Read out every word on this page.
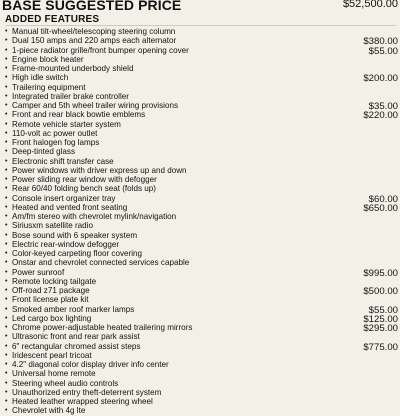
BASE SUGGESTED PRICE	$52,500.00
ADDED FEATURES
• Manual tilt-wheel/telescoping steering column
• Dual 150 amps and 220 amps each alternator	$380.00
• 1-piece radiator grille/front bumper opening cover	$55.00
• Engine block heater
• Frame-mounted underbody shield
• High idle switch	$200.00
• Trailering equipment
• Integrated trailer brake controller
• Camper and 5th wheel trailer wiring provisions	$35.00
• Front and rear black bowtie emblems	$220.00
• Remote vehicle starter system
• 110-volt ac power outlet
• Front halogen fog lamps
• Deep-tinted glass
• Electronic shift transfer case
• Power windows with driver express up and down
• Power sliding rear window with defogger
• Rear 60/40 folding bench seat (folds up)
• Console insert organizer tray	$60.00
• Heated and vented front seating	$650.00
• Am/fm stereo with chevrolet mylink/navigation
• Siriusxm satellite radio
• Bose sound with 6 speaker system
• Electric rear-window defogger
• Color-keyed carpeting floor covering
• Onstar and chevrolet connected services capable
• Power sunroof	$995.00
• Remote locking tailgate
• Off-road z71 package	$500.00
• Front license plate kit
• Smoked amber roof marker lamps	$55.00
• Led cargo box lighting	$125.00
• Chrome power-adjustable heated trailering mirrors	$295.00
• Ultrasonic front and rear park assist
• 6" rectangular chromed assist steps	$775.00
• Iridescent pearl tricoat
• 4.2" diagonal color display driver info center
• Universal home remote
• Steering wheel audio controls
• Unauthorized entry theft-deterrent system
• Heated leather wrapped steering wheel
• Chevrolet with 4g lte
